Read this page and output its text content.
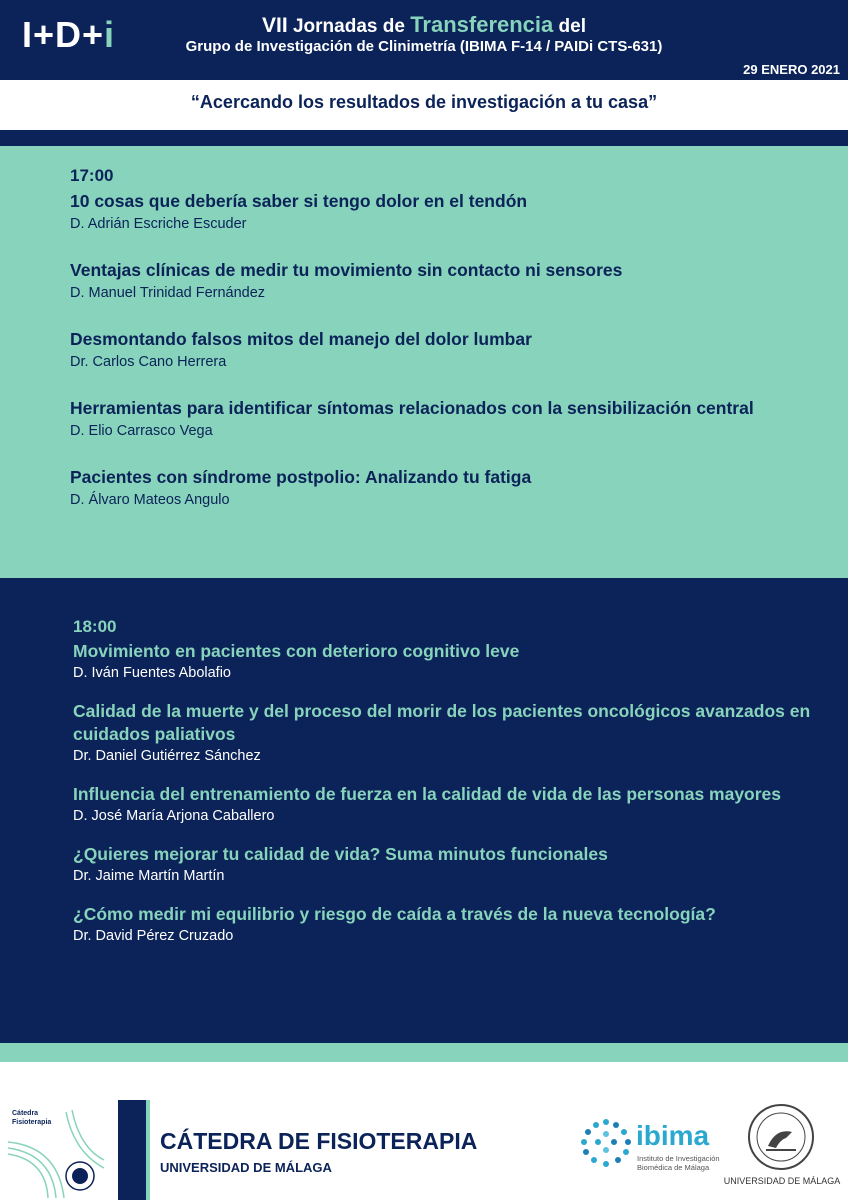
I+D+i	VII Jornadas de Transferencia del
Grupo de Investigación de Clinimetría (IBIMA F-14 / PAIDi CTS-631)
29 ENERO 2021
“Acercando los resultados de investigación a tu casa”
17:00
10 cosas que debería saber si tengo dolor en el tendón
D. Adrián Escriche Escuder
Ventajas clínicas de medir tu movimiento sin contacto ni sensores
D. Manuel Trinidad Fernández
Desmontando falsos mitos del manejo del dolor lumbar
Dr. Carlos Cano Herrera
Herramientas para identificar síntomas relacionados con la sensibilización central
D. Elio Carrasco Vega
Pacientes con síndrome postpolio: Analizando tu fatiga
D. Álvaro Mateos Angulo
18:00
Movimiento en pacientes con deterioro cognitivo leve
D. Iván Fuentes Abolafio
Calidad de la muerte y del proceso del morir de los pacientes oncológicos avanzados en cuidados paliativos
Dr. Daniel Gutiérrez Sánchez
Influencia del entrenamiento de fuerza en la calidad de vida de las personas mayores
D. José María Arjona Caballero
¿Quieres mejorar tu calidad de vida? Suma minutos funcionales
Dr. Jaime Martín Martín
¿Cómo medir mi equilibrio y riesgo de caída a través de la nueva tecnología?
Dr. David Pérez Cruzado
Cátedra
Fisioterapia
CÁTEDRA DE FISIOTERAPIA
UNIVERSIDAD DE MÁLAGA
ibima
Instituto de Investigación
Biomédica de Málaga
UNIVERSIDAD DE MÁLAGA
